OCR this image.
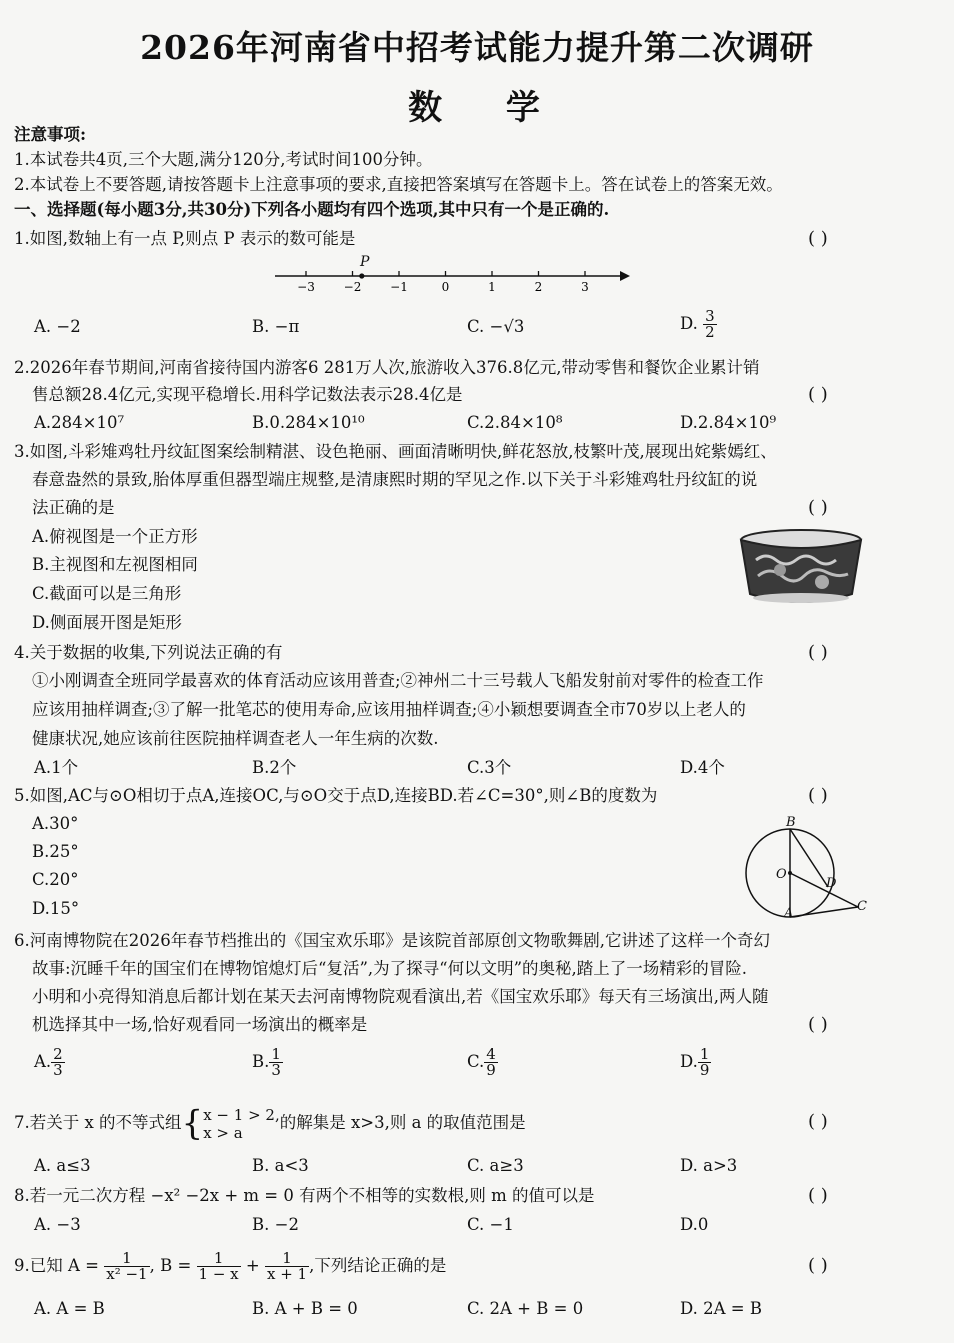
2026年河南省中招考试能力提升第二次调研
数 学
注意事项:
1.本试卷共4页,三个大题,满分120分,考试时间100分钟。
2.本试卷上不要答题,请按答题卡上注意事项的要求,直接把答案填写在答题卡上。答在试卷上的答案无效。
一、选择题(每小题3分,共30分)下列各小题均有四个选项,其中只有一个是正确的.
1.如图,数轴上有一点 P,则点 P 表示的数可能是	( )
−3 −2 −1	0	1	2	3
P
A. −2	B. −π	C. −√3	D. $\frac{3}{2}$
2.2026年春节期间,河南省接待国内游客6 281万人次,旅游收入376.8亿元,带动零售和餐饮企业累计销
售总额28.4亿元,实现平稳增长.用科学记数法表示28.4亿是	( )
A.284×10⁷	B.0.284×10¹⁰	C.2.84×10⁸	D.2.84×10⁹
3.如图,斗彩雉鸡牡丹纹缸图案绘制精湛、设色艳丽、画面清晰明快,鲜花怒放,枝繁叶茂,展现出姹紫嫣红、
春意盎然的景致,胎体厚重但器型端庄规整,是清康熙时期的罕见之作.以下关于斗彩雉鸡牡丹纹缸的说
法正确的是	( )
A.俯视图是一个正方形
B.主视图和左视图相同
C.截面可以是三角形
D.侧面展开图是矩形
4.关于数据的收集,下列说法正确的有	( )
①小刚调查全班同学最喜欢的体育活动应该用普查;②神州二十三号载人飞船发射前对零件的检查工作
应该用抽样调查;③了解一批笔芯的使用寿命,应该用抽样调查;④小颖想要调查全市70岁以上老人的
健康状况,她应该前往医院抽样调查老人一年生病的次数.
A.1个	B.2个	C.3个	D.4个
5.如图,AC与⊙O相切于点A,连接OC,与⊙O交于点D,连接BD.若∠C=30°,则∠B的度数为	( )
A.30°
B.25°
C.20°
D.15°
B
O
D
A	C
6.河南博物院在2026年春节档推出的《国宝欢乐耶》是该院首部原创文物歌舞剧,它讲述了这样一个奇幻
故事:沉睡千年的国宝们在博物馆熄灯后“复活”,为了探寻“何以文明”的奥秘,踏上了一场精彩的冒险.
小明和小亮得知消息后都计划在某天去河南博物院观看演出,若《国宝欢乐耶》每天有三场演出,两人随
机选择其中一场,恰好观看同一场演出的概率是	( )
A. $\frac{2}{3}$	B. $\frac{1}{3}$	C. $\frac{4}{9}$	D. $\frac{1}{9}$
7.若关于 x 的不等式组{ x − 1 > 2,
x > a
的解集是 x>3,则 a 的取值范围是	( )
A. a≤3	B. a<3	C. a≥3	D. a>3
8.若一元二次方程 −x² −2x + m = 0 有两个不相等的实数根,则 m 的值可以是	( )
A. −3	B. −2	C. −1	D.0
9.已知 $A = \frac{1}{\text{x² −1}}$ , $B = \frac{1}{1 - x} + \frac{1}{x + 1}$ ,下列结论正确的是	( )
A. A = B	B. A + B = 0	C. 2A + B = 0	D. 2A = B
